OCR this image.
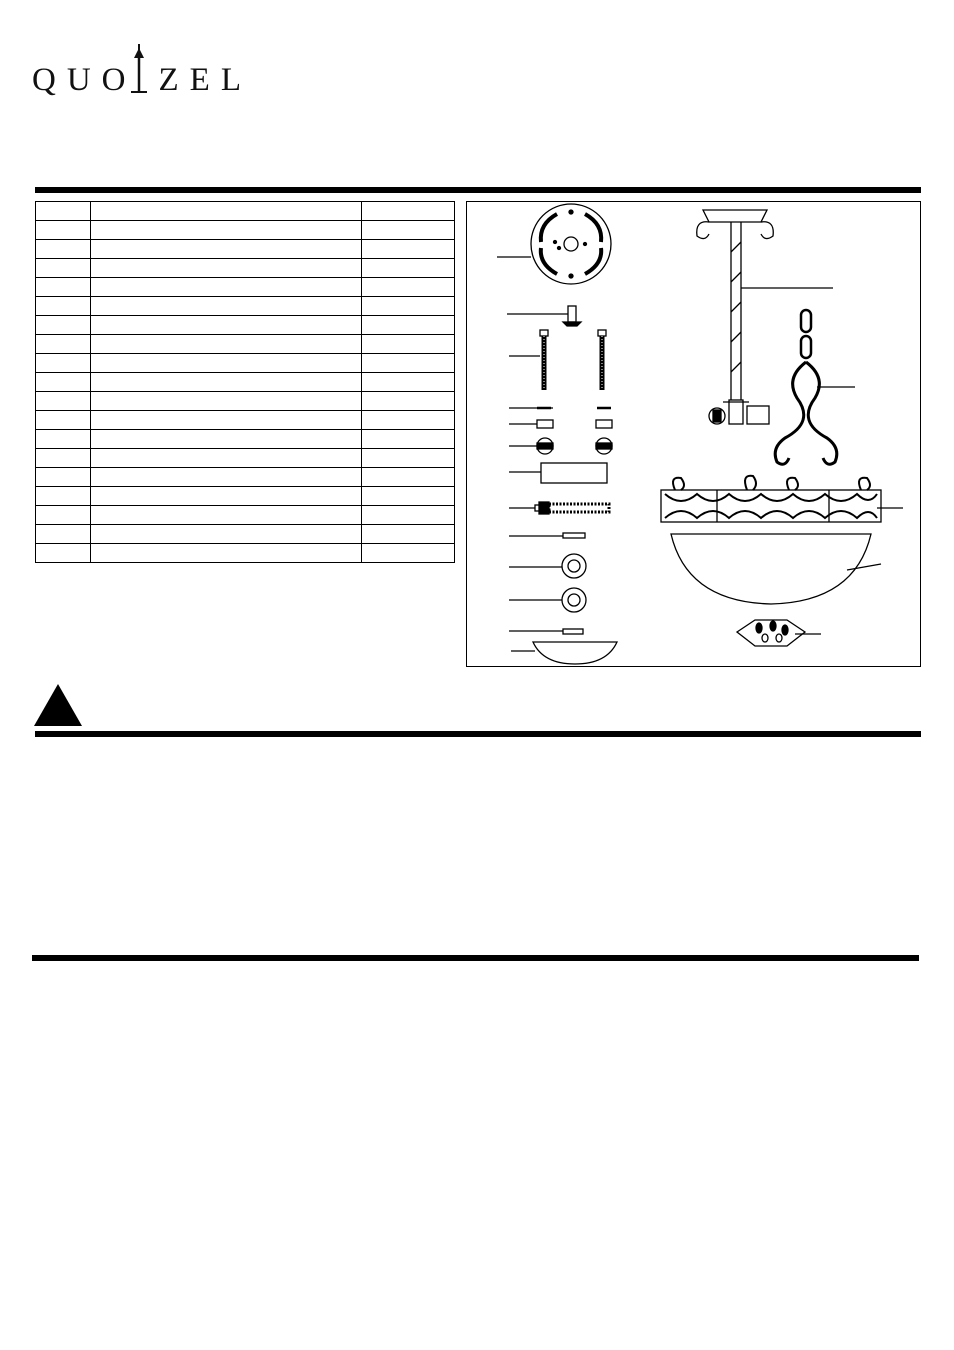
QUO ZEL
